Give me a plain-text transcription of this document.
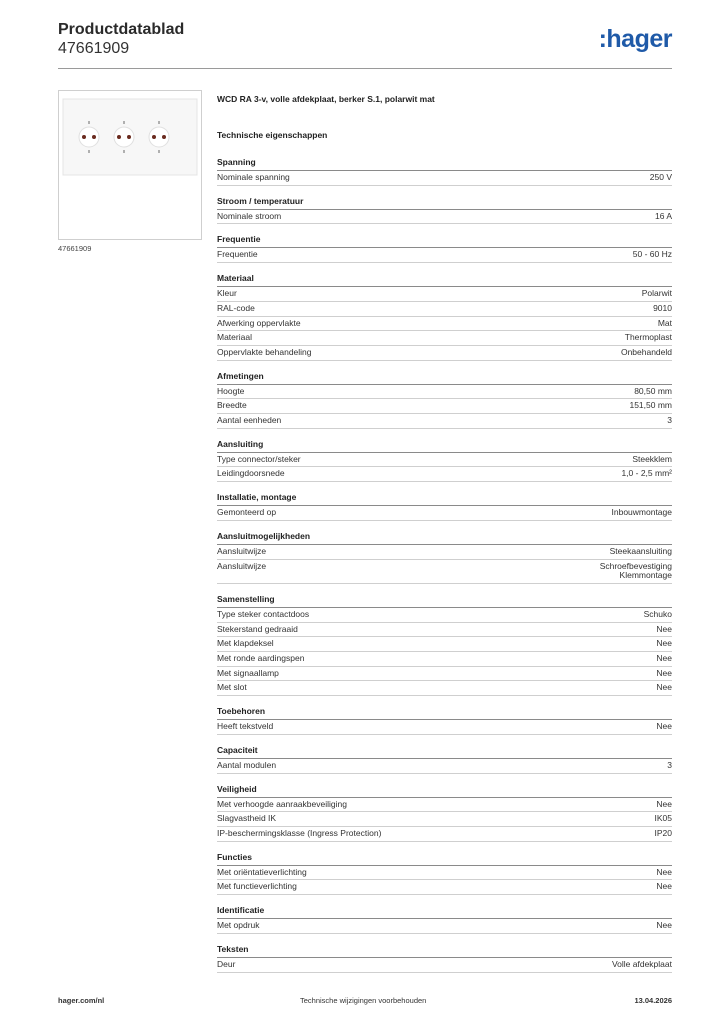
Productdatablad
47661909	:hager
47661909
WCD RA 3-v, volle afdekplaat, berker S.1, polarwit mat
Technische eigenschappen
Spanning
Nominale spanning	250 V
Stroom / temperatuur
Nominale stroom	16 A
Frequentie
Frequentie	50 - 60 Hz
Materiaal
Kleur	Polarwit
RAL-code	9010
Afwerking oppervlakte	Mat
Materiaal	Thermoplast
Oppervlakte behandeling	Onbehandeld
Afmetingen
Hoogte	80,50 mm
Breedte	151,50 mm
Aantal eenheden	3
Aansluiting
Type connector/steker	Steekklem
Leidingdoorsnede	1,0 - 2,5 mm²
Installatie, montage
Gemonteerd op	Inbouwmontage
Aansluitmogelijkheden
Aansluitwijze	Steekaansluiting
Aansluitwijze	Schroefbevestiging
Klemmontage
Samenstelling
Type steker contactdoos	Schuko
Stekerstand gedraaid	Nee
Met klapdeksel	Nee
Met ronde aardingspen	Nee
Met signaallamp	Nee
Met slot	Nee
Toebehoren
Heeft tekstveld	Nee
Capaciteit
Aantal modulen	3
Veiligheid
Met verhoogde aanraakbeveiliging	Nee
Slagvastheid IK	IK05
IP-beschermingsklasse (Ingress Protection)	IP20
Functies
Met oriëntatieverlichting	Nee
Met functieverlichting	Nee
Identificatie
Met opdruk	Nee
Teksten
Deur	Volle afdekplaat
hager.com/nl	Technische wijzigingen voorbehouden	13.04.2026
